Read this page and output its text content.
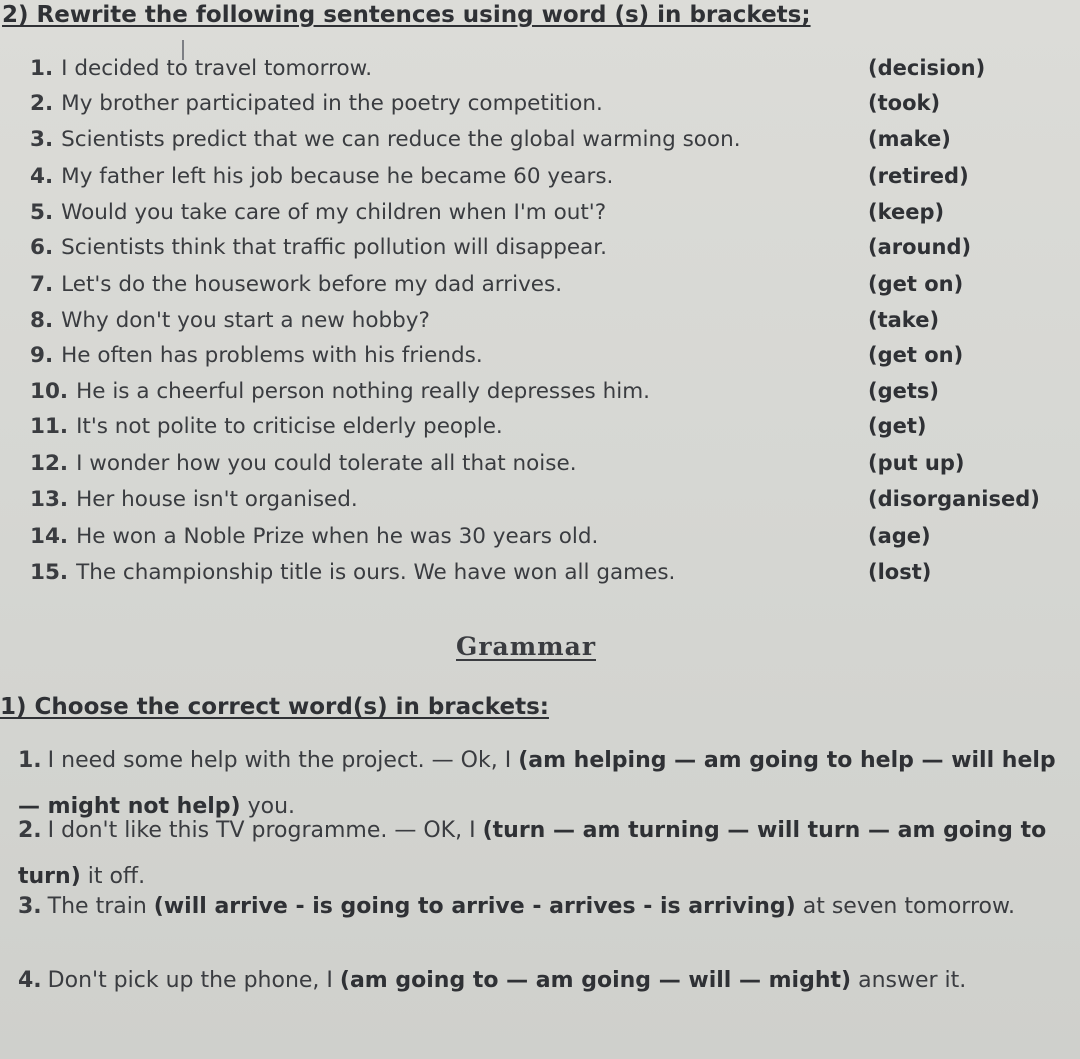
2) Rewrite the following sentences using word (s) in brackets;
1. I decided to travel tomorrow.	(decision)
2. My brother participated in the poetry competition.	(took)
3. Scientists predict that we can reduce the global warming soon.	(make)
4. My father left his job because he became 60 years.	(retired)
5. Would you take care of my children when I'm out'?	(keep)
6. Scientists think that traffic pollution will disappear.	(around)
7. Let's do the housework before my dad arrives.	(get on)
8. Why don't you start a new hobby?	(take)
9. He often has problems with his friends.	(get on)
10. He is a cheerful person nothing really depresses him.	(gets)
11. It's not polite to criticise elderly people.	(get)
12. I wonder how you could tolerate all that noise.	(put up)
13. Her house isn't organised.	(disorganised)
14. He won a Noble Prize when he was 30 years old.	(age)
15. The championship title is ours. We have won all games.	(lost)
Grammar
1) Choose the correct word(s) in brackets:
1. I need some help with the project. — Ok, I (am helping — am going to help — will help — might not help) you.
2. I don't like this TV programme. — OK, I (turn — am turning — will turn — am going to turn) it off.
3. The train (will arrive - is going to arrive - arrives - is arriving) at seven tomorrow.
4. Don't pick up the phone, I (am going to — am going — will — might) answer it.
